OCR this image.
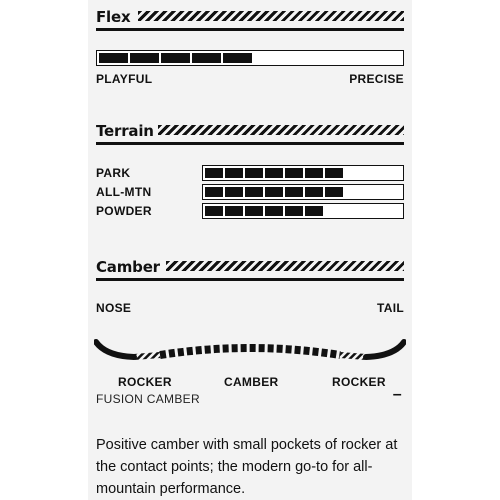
Flex
PLAYFUL	PRECISE
Terrain
PARK
ALL-MTN
POWDER
Camber
NOSE	TAIL
ROCKER	CAMBER	ROCKER
FUSION CAMBER	–
Positive camber with small pockets of rocker at the contact points; the modern go-to for all-mountain performance.
